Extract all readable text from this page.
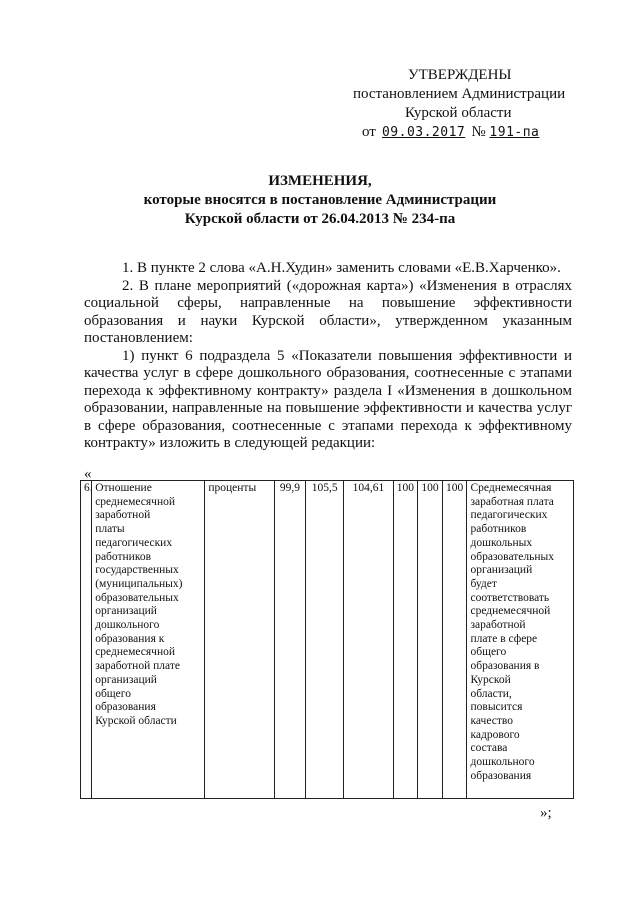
УТВЕРЖДЕНЫ
постановлением Администрации
Курской области
от 09.03.2017 № 191-па
ИЗМЕНЕНИЯ,
которые вносятся в постановление Администрации
Курской области от 26.04.2013 № 234-па

1. В пункте 2 слова «А.Н.Худин» заменить словами «Е.В.Харченко».

2. В плане мероприятий («дорожная карта») «Изменения в отраслях социальной сферы, направленные на повышение эффективности образования и науки Курской области», утвержденном указанным постановлением:

1) пункт 6 подраздела 5 «Показатели повышения эффективности и качества услуг в сфере дошкольного образования, соотнесенные с этапами перехода к эффективному контракту» раздела I «Изменения в дошкольном образовании, направленные на повышение эффективности и качества услуг в сфере образования, соотнесенные с этапами перехода к эффективному контракту» изложить в следующей редакции:

«
6.	Отношение
среднемесячной
заработной
платы
педагогических
работников
государственных
(муниципальных)
образовательных
организаций
дошкольного
образования к
среднемесячной
заработной плате
организаций
общего
образования
Курской области	проценты	99,9	105,5	104,61	100	100	100	Среднемесячная
заработная плата
педагогических
работников
дошкольных
образовательных
организаций
будет
соответствовать
среднемесячной
заработной
плате в сфере
общего
образования в
Курской
области,
повысится
качество
кадрового
состава
дошкольного
образования
»;
